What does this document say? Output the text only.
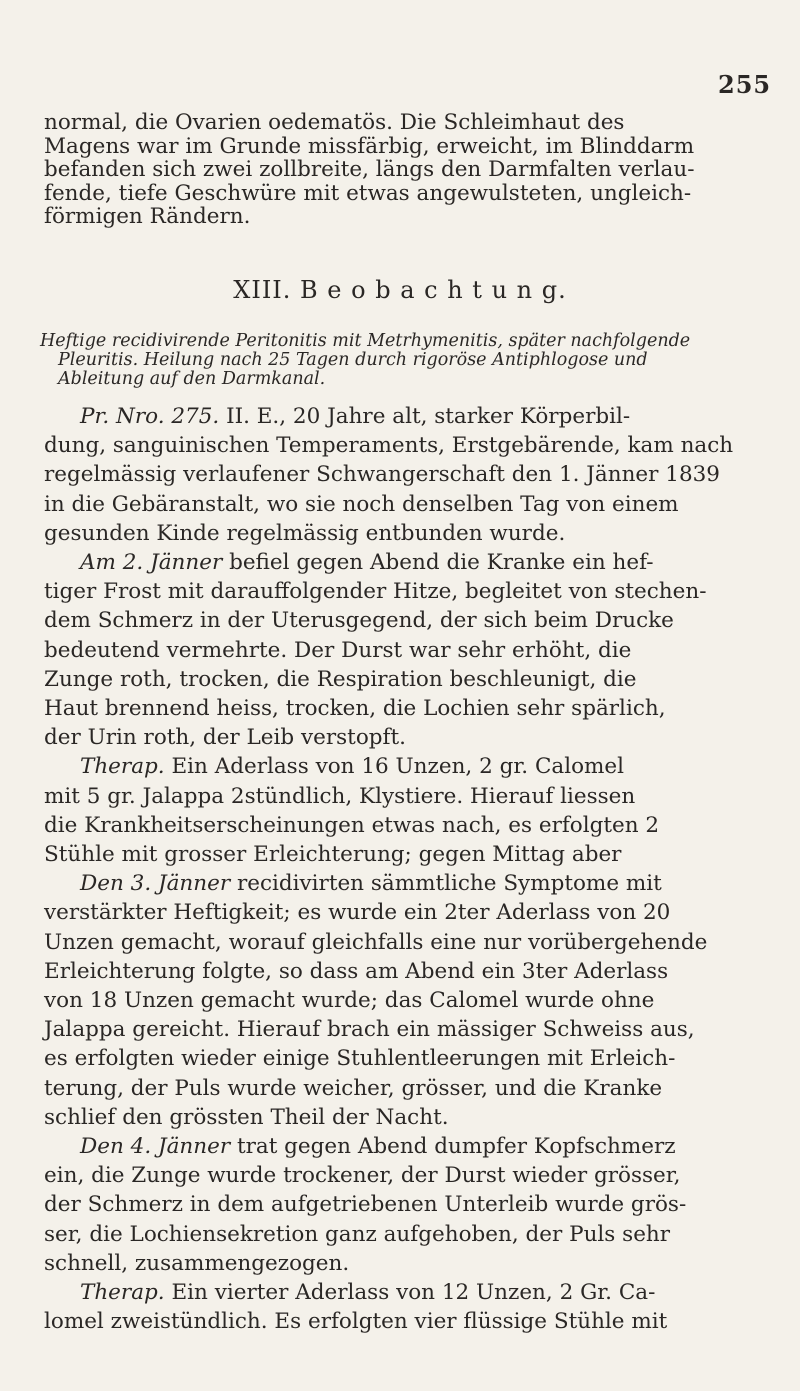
255
normal, die Ovarien oedematös. Die Schleimhaut des
Magens war im Grunde missfärbig, erweicht, im Blinddarm
befanden sich zwei zollbreite, längs den Darmfalten verlau-
fende, tiefe Geschwüre mit etwas angewulsteten, ungleich-
förmigen Rändern.
XIII. B e o b a c h t u n g.
Heftige recidivirende Peritonitis mit Metrhymenitis, später nachfolgende
Pleuritis. Heilung nach 25 Tagen durch rigoröse Antiphlogose und
Ableitung auf den Darmkanal.
Pr. Nro. 275. II. E., 20 Jahre alt, starker Körperbil-
dung, sanguinischen Temperaments, Erstgebärende, kam nach
regelmässig verlaufener Schwangerschaft den 1. Jänner 1839
in die Gebäranstalt, wo sie noch denselben Tag von einem
gesunden Kinde regelmässig entbunden wurde.
Am 2. Jänner befiel gegen Abend die Kranke ein hef-
tiger Frost mit darauffolgender Hitze, begleitet von stechen-
dem Schmerz in der Uterusgegend, der sich beim Drucke
bedeutend vermehrte. Der Durst war sehr erhöht, die
Zunge roth, trocken, die Respiration beschleunigt, die
Haut brennend heiss, trocken, die Lochien sehr spärlich,
der Urin roth, der Leib verstopft.
Therap. Ein Aderlass von 16 Unzen, 2 gr. Calomel
mit 5 gr. Jalappa 2stündlich, Klystiere. Hierauf liessen
die Krankheitserscheinungen etwas nach, es erfolgten 2
Stühle mit grosser Erleichterung; gegen Mittag aber
Den 3. Jänner recidivirten sämmtliche Symptome mit
verstärkter Heftigkeit; es wurde ein 2ter Aderlass von 20
Unzen gemacht, worauf gleichfalls eine nur vorübergehende
Erleichterung folgte, so dass am Abend ein 3ter Aderlass
von 18 Unzen gemacht wurde; das Calomel wurde ohne
Jalappa gereicht. Hierauf brach ein mässiger Schweiss aus,
es erfolgten wieder einige Stuhlentleerungen mit Erleich-
terung, der Puls wurde weicher, grösser, und die Kranke
schlief den grössten Theil der Nacht.
Den 4. Jänner trat gegen Abend dumpfer Kopfschmerz
ein, die Zunge wurde trockener, der Durst wieder grösser,
der Schmerz in dem aufgetriebenen Unterleib wurde grös-
ser, die Lochiensekretion ganz aufgehoben, der Puls sehr
schnell, zusammengezogen.
Therap. Ein vierter Aderlass von 12 Unzen, 2 Gr. Ca-
lomel zweistündlich. Es erfolgten vier flüssige Stühle mit
